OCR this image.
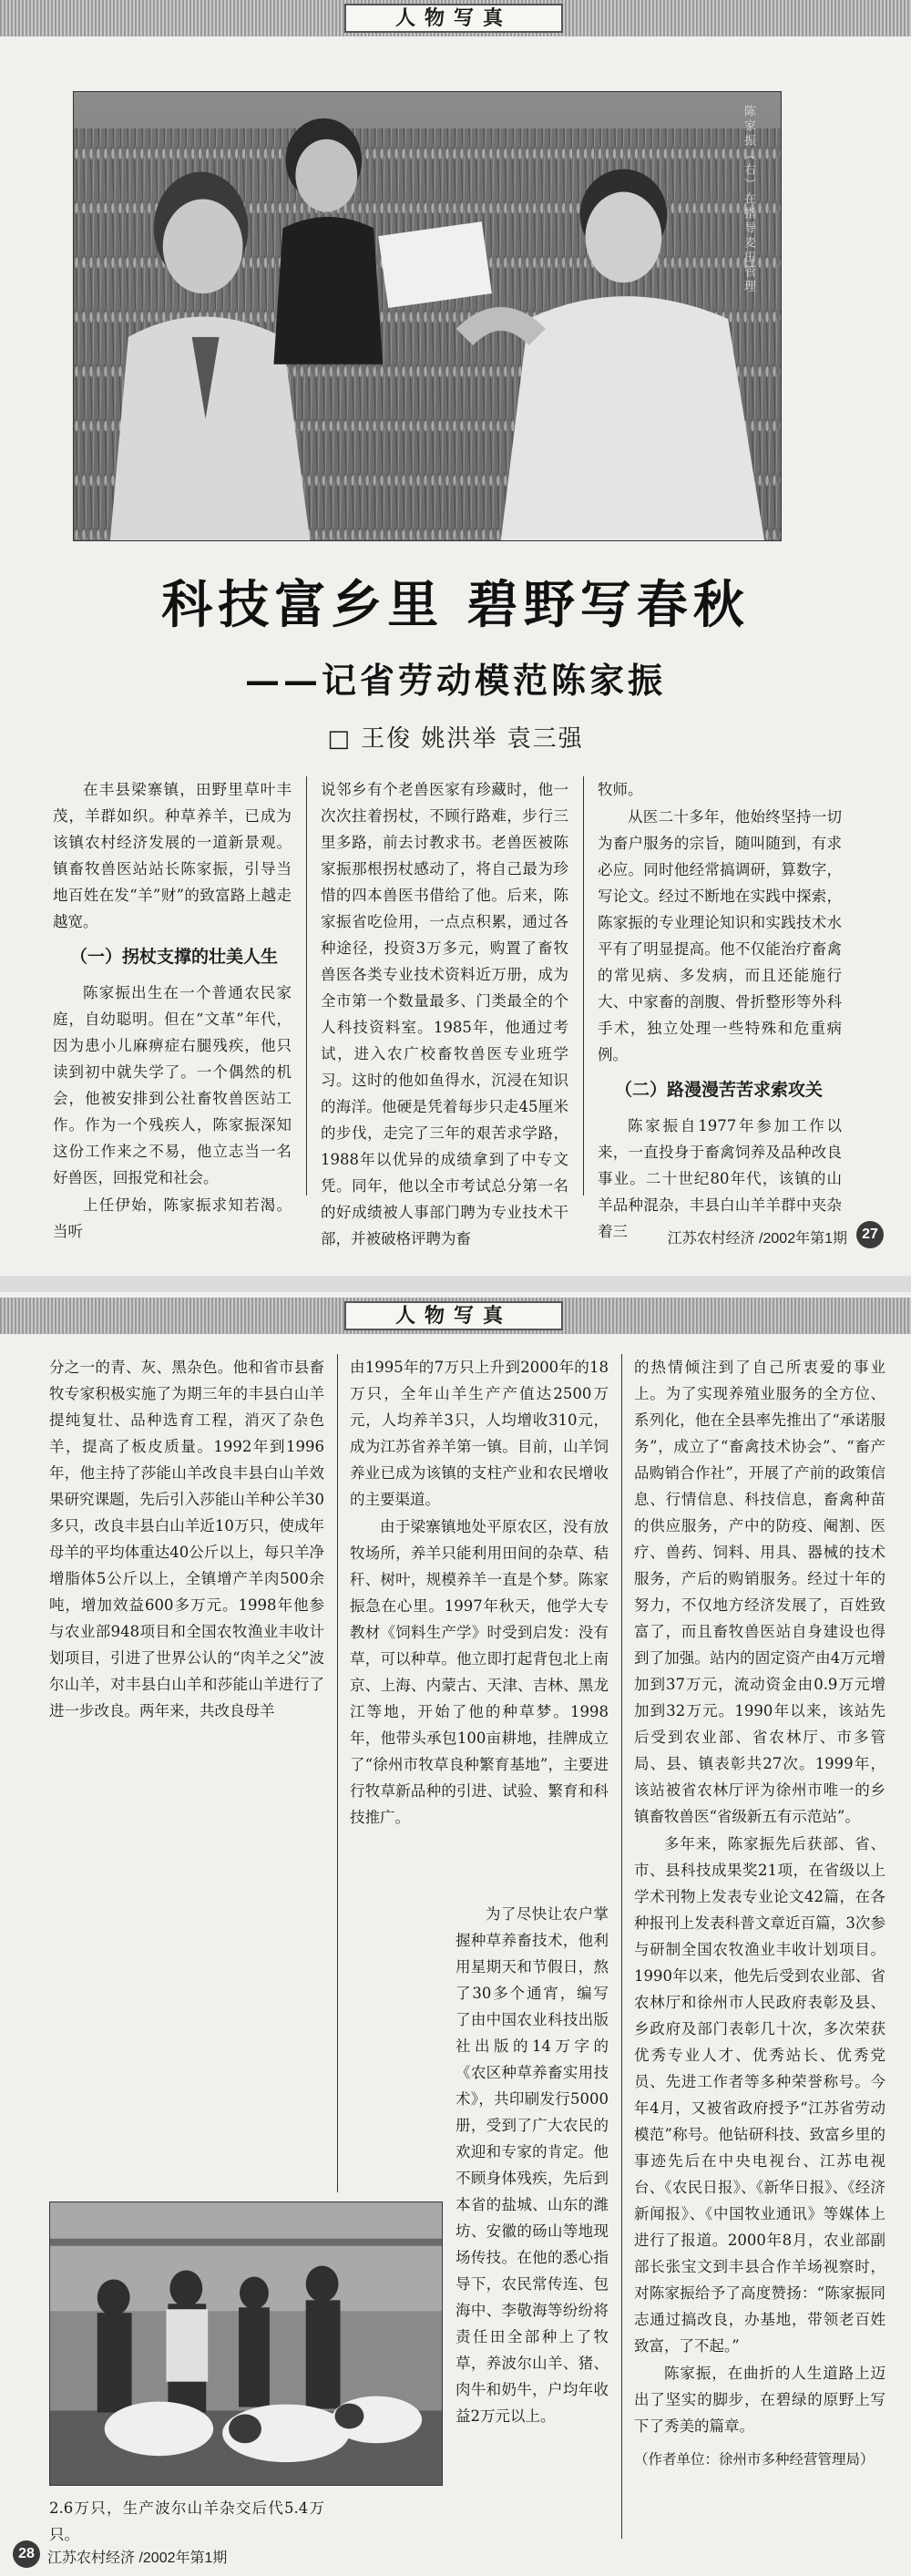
人物写真
陈家振（右）在指导麦田管理
科技富乡里 碧野写春秋
——记省劳动模范陈家振
□ 王俊 姚洪举 袁三强

在丰县梁寨镇，田野里草叶丰茂，羊群如织。种草养羊，已成为该镇农村经济发展的一道新景观。镇畜牧兽医站站长陈家振，引导当地百姓在发“羊”财”的致富路上越走越宽。

（一）拐杖支撑的壮美人生

陈家振出生在一个普通农民家庭，自幼聪明。但在“文革”年代，因为患小儿麻痹症右腿残疾，他只读到初中就失学了。一个偶然的机会，他被安排到公社畜牧兽医站工作。作为一个残疾人，陈家振深知这份工作来之不易，他立志当一名好兽医，回报党和社会。

上任伊始，陈家振求知若渴。当听

说邻乡有个老兽医家有珍藏时，他一次次拄着拐杖，不顾行路难，步行三里多路，前去讨教求书。老兽医被陈家振那根拐杖感动了，将自己最为珍惜的四本兽医书借给了他。后来，陈家振省吃俭用，一点点积累，通过各种途径，投资3万多元，购置了畜牧兽医各类专业技术资料近万册，成为全市第一个数量最多、门类最全的个人科技资料室。1985年，他通过考试，进入农广校畜牧兽医专业班学习。这时的他如鱼得水，沉浸在知识的海洋。他硬是凭着每步只走45厘米的步伐，走完了三年的艰苦求学路，1988年以优异的成绩拿到了中专文凭。同年，他以全市考试总分第一名的好成绩被人事部门聘为专业技术干部，并被破格评聘为畜

牧师。

从医二十多年，他始终坚持一切为畜户服务的宗旨，随叫随到，有求必应。同时他经常搞调研，算数字，写论文。经过不断地在实践中探索，陈家振的专业理论知识和实践技术水平有了明显提高。他不仅能治疗畜禽的常见病、多发病，而且还能施行大、中家畜的剖腹、骨折整形等外科手术，独立处理一些特殊和危重病例。

（二）路漫漫苦苦求索攻关

陈家振自1977年参加工作以来，一直投身于畜禽饲养及品种改良事业。二十世纪80年代，该镇的山羊品种混杂，丰县白山羊羊群中夹杂着三	江苏农村经济 /2002年第1期	27
人物写真

分之一的青、灰、黑杂色。他和省市县畜牧专家积极实施了为期三年的丰县白山羊提纯复壮、品种选育工程，消灭了杂色羊，提高了板皮质量。1992年到1996年，他主持了莎能山羊改良丰县白山羊效果研究课题，先后引入莎能山羊种公羊30多只，改良丰县白山羊近10万只，使成年母羊的平均体重达40公斤以上，每只羊净增脂体5公斤以上，全镇增产羊肉500余吨，增加效益600多万元。1998年他参与农业部948项目和全国农牧渔业丰收计划项目，引进了世界公认的“肉羊之父”波尔山羊，对丰县白山羊和莎能山羊进行了进一步改良。两年来，共改良母羊

2.6万只，生产波尔山羊杂交后代5.4万只。

由1995年的7万只上升到2000年的18万只，全年山羊生产产值达2500万元，人均养羊3只，人均增收310元，成为江苏省养羊第一镇。目前，山羊饲养业已成为该镇的支柱产业和农民增收的主要渠道。

由于梁寨镇地处平原农区，没有放牧场所，养羊只能利用田间的杂草、秸秆、树叶，规模养羊一直是个梦。陈家振急在心里。1997年秋天，他学大专教材《饲料生产学》时受到启发：没有草，可以种草。他立即打起背包北上南京、上海、内蒙古、天津、吉林、黑龙江等地，开始了他的种草梦。1998年，他带头承包100亩耕地，挂牌成立了“徐州市牧草良种繁育基地”，主要进行牧草新品种的引进、试验、繁育和科技推广。

为了尽快让农户掌握种草养畜技术，他利用星期天和节假日，熬了30多个通宵，编写了由中国农业科技出版社出版的14万字的《农区种草养畜实用技术》，共印刷发行5000册，受到了广大农民的欢迎和专家的肯定。他不顾身体残疾，先后到本省的盐城、山东的潍坊、安徽的砀山等地现场传技。在他的悉心指导下，农民常传连、包海中、李敬海等纷纷将责任田全部种上了牧草，养波尔山羊、猪、肉牛和奶牛，户均年收益2万元以上。

的热情倾注到了自己所衷爱的事业上。为了实现养殖业服务的全方位、系列化，他在全县率先推出了“承诺服务”，成立了“畜禽技术协会”、“畜产品购销合作社”，开展了产前的政策信息、行情信息、科技信息，畜禽种苗的供应服务，产中的防疫、阉割、医疗、兽药、饲料、用具、器械的技术服务，产后的购销服务。经过十年的努力，不仅地方经济发展了，百姓致富了，而且畜牧兽医站自身建设也得到了加强。站内的固定资产由4万元增加到37万元，流动资金由0.9万元增加到32万元。1990年以来，该站先后受到农业部、省农林厅、市多管局、县、镇表彰共27次。1999年，该站被省农林厅评为徐州市唯一的乡镇畜牧兽医“省级新五有示范站”。

多年来，陈家振先后获部、省、市、县科技成果奖21项，在省级以上学术刊物上发表专业论文42篇，在各种报刊上发表科普文章近百篇，3次参与研制全国农牧渔业丰收计划项目。1990年以来，他先后受到农业部、省农林厅和徐州市人民政府表彰及县、乡政府及部门表彰几十次，多次荣获优秀专业人才、优秀站长、优秀党员、先进工作者等多种荣誉称号。今年4月，又被省政府授予“江苏省劳动模范”称号。他钻研科技、致富乡里的事迹先后在中央电视台、江苏电视台、《农民日报》、《新华日报》、《经济新闻报》、《中国牧业通讯》等媒体上进行了报道。2000年8月，农业部副部长张宝文到丰县合作羊场视察时，对陈家振给予了高度赞扬：“陈家振同志通过搞改良，办基地，带领老百姓致富，了不起。”

陈家振，在曲折的人生道路上迈出了坚实的脚步，在碧绿的原野上写下了秀美的篇章。

（作者单位：徐州市多种经营管理局）

28 江苏农村经济 /2002年第1期
